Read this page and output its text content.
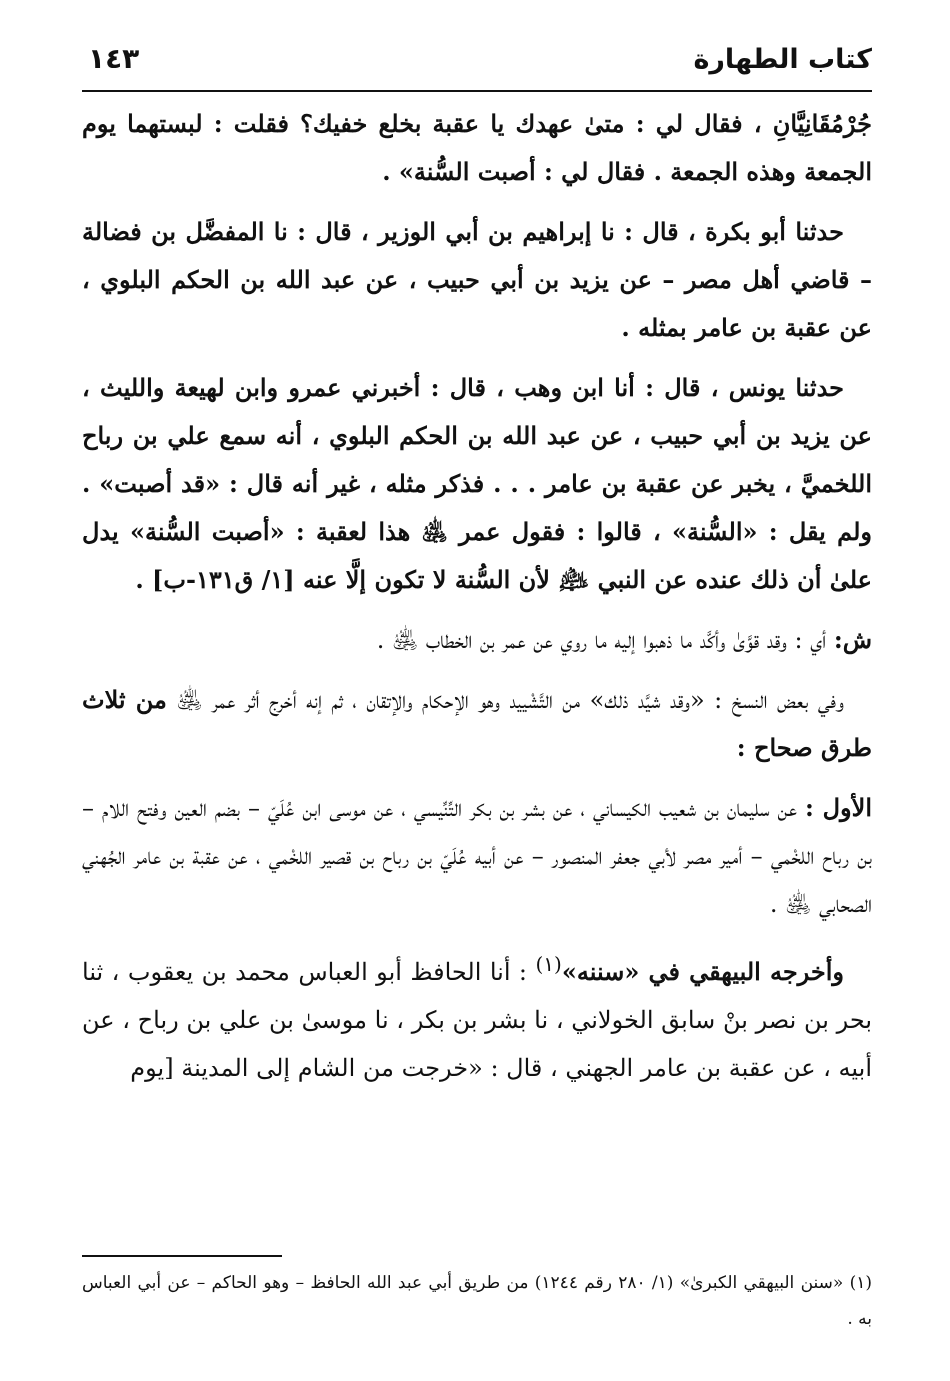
كتاب الطهارة
١٤٣

جُرْمُقَانِيَّانِ ، فقال لي : متىٰ عهدك يا عقبة بخلع خفيك؟ فقلت : لبستهما يوم الجمعة وهذه الجمعة . فقال لي : أصبت السُّنة» .

حدثنا أبو بكرة ، قال : نا إبراهيم بن أبي الوزير ، قال : نا المفضَّل بن فضالة – قاضي أهل مصر – عن يزيد بن أبي حبيب ، عن عبد الله بن الحكم البلوي ، عن عقبة بن عامر بمثله .

حدثنا يونس ، قال : أنا ابن وهب ، قال : أخبرني عمرو وابن لهيعة والليث ، عن يزيد بن أبي حبيب ، عن عبد الله بن الحكم البلوي ، أنه سمع علي بن رباح اللخميَّ ، يخبر عن عقبة بن عامر . . . فذكر مثله ، غير أنه قال : «قد أصبت» . ولم يقل : «السُّنة» ، قالوا : فقول عمر ﵁ هذا لعقبة : «أصبت السُّنة» يدل علىٰ أن ذلك عنده عن النبي ﵇ لأن السُّنة لا تكون إلَّا عنه [١/ ق١٣١-ب] .

ش: أي : وقد قوَّىٰ وأكَّد ما ذهبوا إليه ما روي عن عمر بن الخطاب ﵁ .

وفي بعض النسخ : «وقد شيَّد ذلك» من التَّشْييد وهو الإحكام والإتقان ، ثم إنه أخرج أثر عمر ﵁ من ثلاث طرق صحاح :

الأول : عن سليمان بن شعيب الكيساني ، عن بشر بن بكر التِّنِّيسي ، عن موسى ابن عُلَيّ – بضم العين وفتح اللام – بن رباح اللخْمي – أمير مصر لأبي جعفر المنصور – عن أبيه عُلَيّ بن رباح بن قصير اللخْمي ، عن عقبة بن عامر الجُهني الصحابي ﵁ .

وأخرجه البيهقي في «سننه»$^{(١)}$ : أنا الحافظ أبو العباس محمد بن يعقوب ، ثنا بحر بن نصر بنْ سابق الخولاني ، نا بشر بن بكر ، نا موسىٰ بن علي بن رباح ، عن أبيه ، عن عقبة بن عامر الجهني ، قال : «خرجت من الشام إلى المدينة [يوم

(١) «سنن البيهقي الكبرىٰ» (١/ ٢٨٠ رقم ١٢٤٤) من طريق أبي عبد الله الحافظ – وهو الحاكم – عن أبي العباس به .
